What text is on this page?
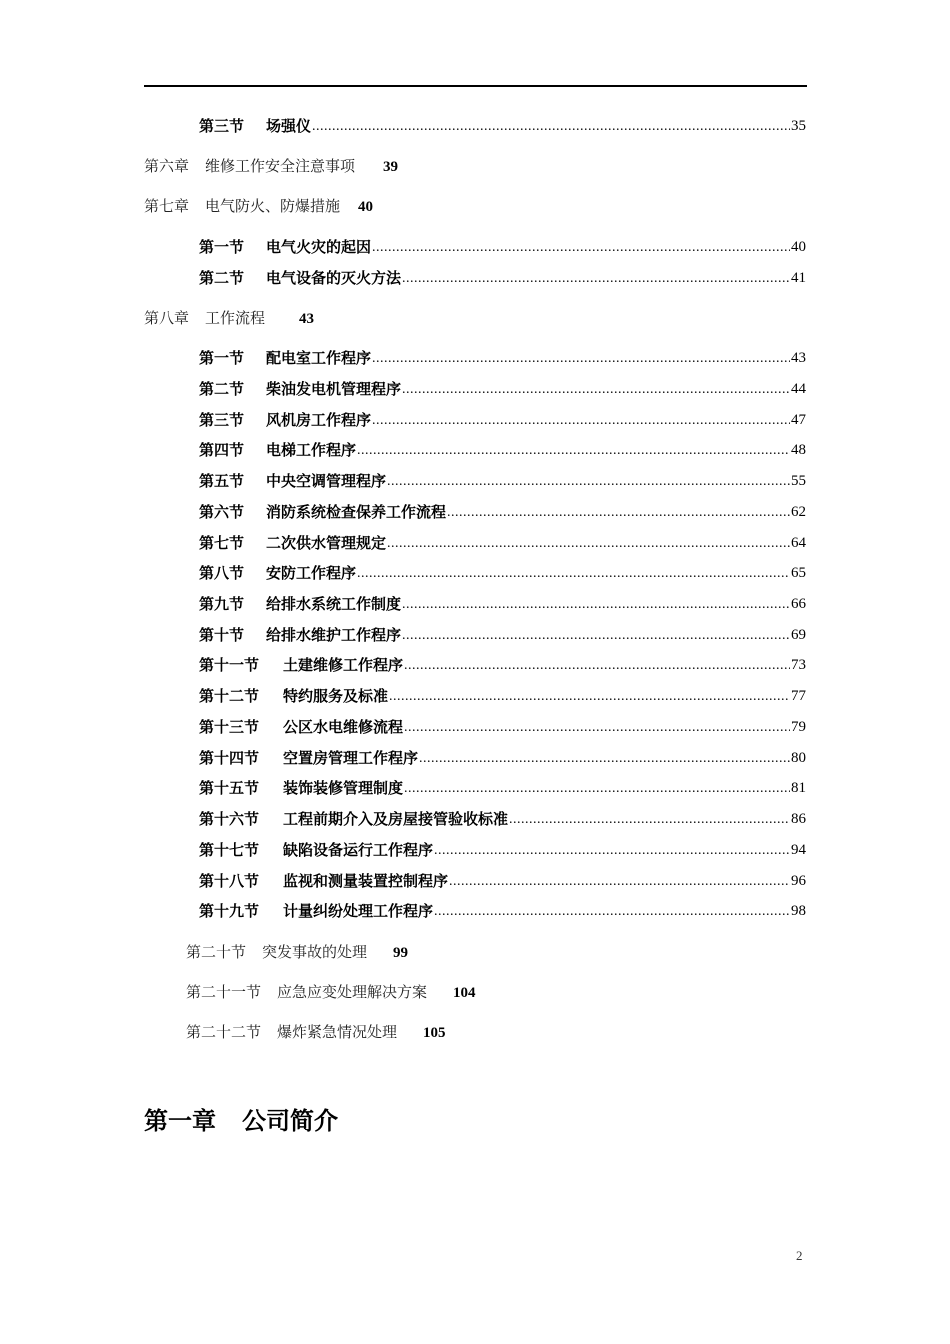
第三节 场强仪 .....	35
第六章 维修工作安全注意事项 39
第七章 电气防火、防爆措施 40
第一节 电气火灾的起因 .....	40
第二节 电气设备的灭火方法 .....	41
第八章 工作流程 43
第一节 配电室工作程序 .....	43
第二节 柴油发电机管理程序 .....	44
第三节 风机房工作程序 .....	47
第四节 电梯工作程序 .....	48
第五节 中央空调管理程序 .....	55
第六节 消防系统检查保养工作流程 .....	62
第七节 二次供水管理规定 .....	64
第八节 安防工作程序 .....	65
第九节 给排水系统工作制度 .....	66
第十节 给排水维护工作程序 .....	69
第十一节 土建维修工作程序 .....	73
第十二节 特约服务及标准 .....	77
第十三节 公区水电维修流程 .....	79
第十四节 空置房管理工作程序 .....	80
第十五节 装饰装修管理制度 .....	81
第十六节 工程前期介入及房屋接管验收标准 .....	86
第十七节 缺陷设备运行工作程序 .....	94
第十八节 监视和测量装置控制程序 .....	96
第十九节 计量纠纷处理工作程序 .....	98
第二十节 突发事故的处理 99
第二十一节 应急应变处理解决方案 104
第二十二节 爆炸紧急情况处理 105
第一章 公司简介
2
